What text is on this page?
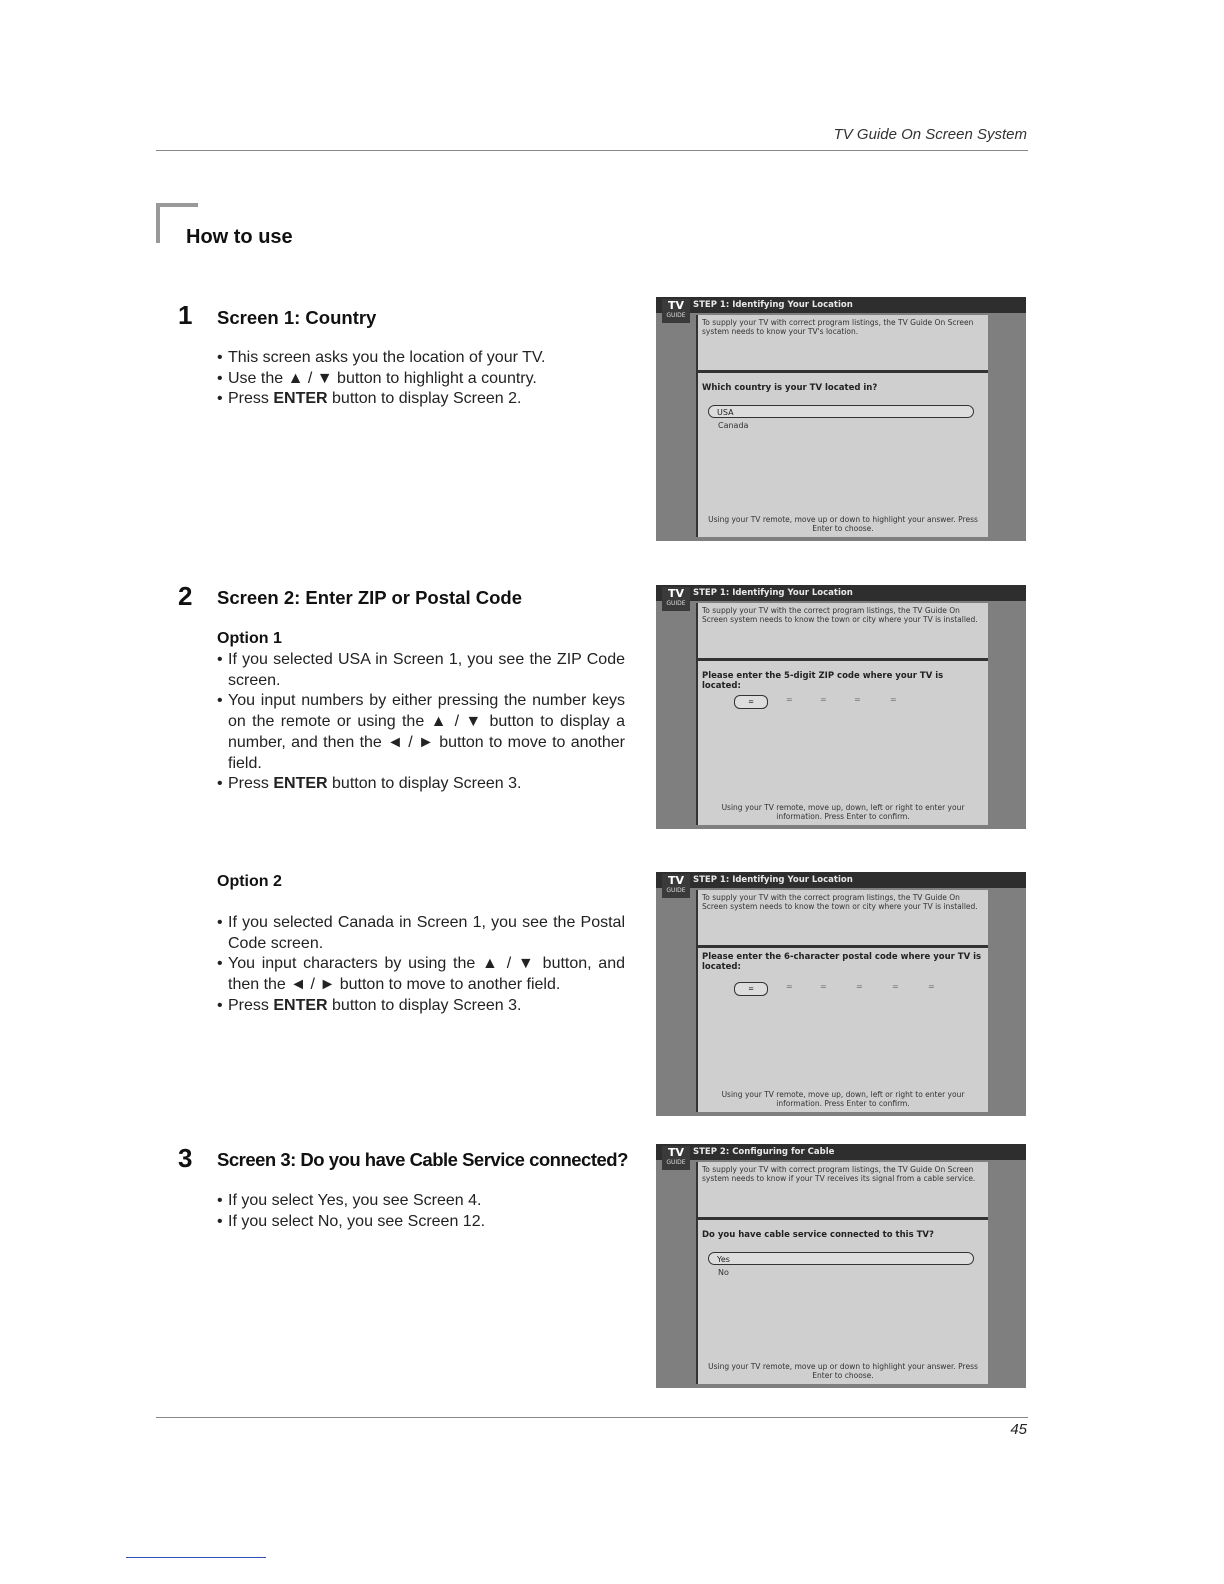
TV Guide On Screen System
How to use
1 Screen 1: Country
• This screen asks you the location of your TV.
• Use the ▲ / ▼ button to highlight a country.
• Press ENTER button to display Screen 2.
2 Screen 2: Enter ZIP or Postal Code
Option 1
• If you selected USA in Screen 1, you see the ZIP Code screen.
• You input numbers by either pressing the number keys on the remote or using the ▲ / ▼ button to display a number, and then the ◄ / ► button to move to another field.
• Press ENTER button to display Screen 3.
Option 2
• If you selected Canada in Screen 1, you see the Postal Code screen.
• You input characters by using the ▲ / ▼ button, and then the ◄ / ► button to move to another field.
• Press ENTER button to display Screen 3.
3 Screen 3: Do you have Cable Service connected?
• If you select Yes, you see Screen 4.
• If you select No, you see Screen 12.
TV
GUIDE
STEP 1: Identifying Your Location
To supply your TV with correct program listings, the TV Guide On Screen system needs to know your TV's location.
Which country is your TV located in?
USA
Canada
Using your TV remote, move up or down to highlight your answer. Press Enter to choose.
TV
GUIDE
STEP 1: Identifying Your Location
To supply your TV with the correct program listings, the TV Guide On Screen system needs to know the town or city where your TV is installed.
Please enter the 5-digit ZIP code where your TV is located:
=	=	=	=	=
Using your TV remote, move up, down, left or right to enter your information. Press Enter to confirm.
TV
GUIDE
STEP 1: Identifying Your Location
To supply your TV with the correct program listings, the TV Guide On Screen system needs to know the town or city where your TV is installed.
Please enter the 6-character postal code where your TV is located:
=	=	=	=	=	=
Using your TV remote, move up, down, left or right to enter your information. Press Enter to confirm.
TV
GUIDE
STEP 2: Configuring for Cable
To supply your TV with correct program listings, the TV Guide On Screen system needs to know if your TV receives its signal from a cable service.
Do you have cable service connected to this TV?
Yes
No
Using your TV remote, move up or down to highlight your answer. Press Enter to choose.
45
